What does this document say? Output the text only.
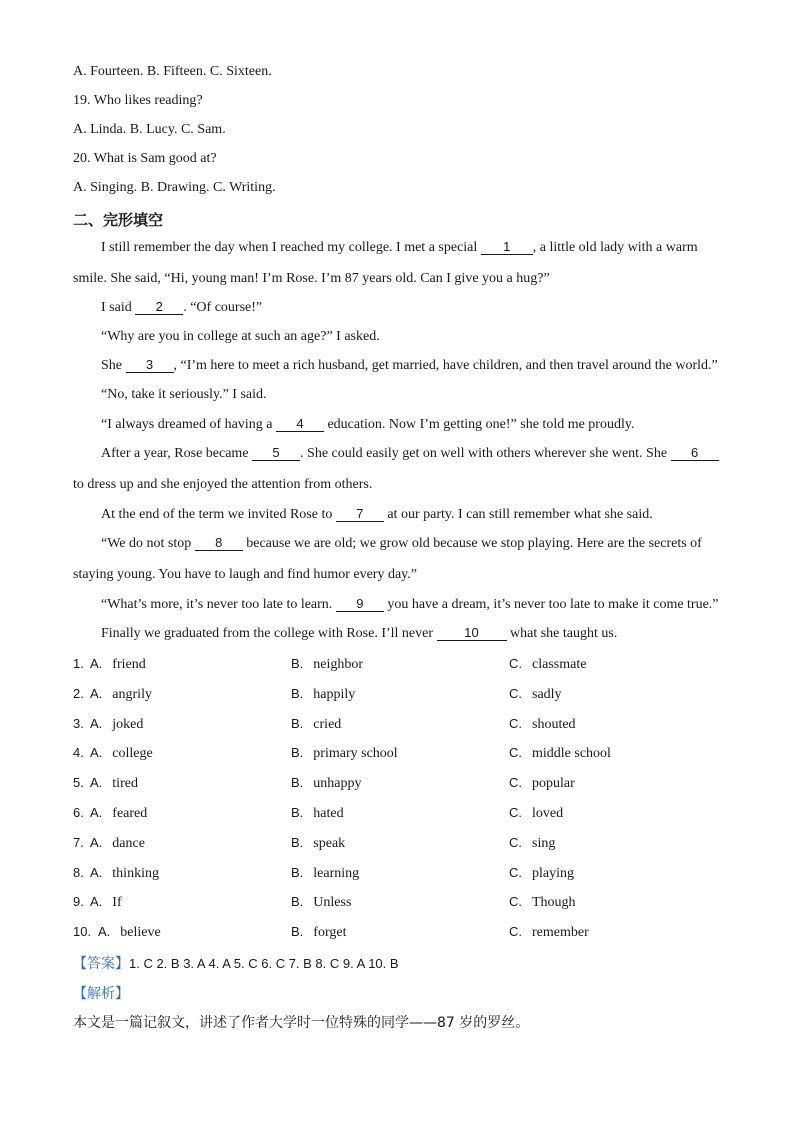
A. Fourteen. B. Fifteen. C. Sixteen.
19. Who likes reading?
A. Linda. B. Lucy. C. Sam.
20. What is Sam good at?
A. Singing. B. Drawing. C. Writing.
二、完形填空
I still remember the day when I reached my college. I met a special 1 , a little old lady with a warm
smile. She said, “Hi, young man! I’m Rose. I’m 87 years old. Can I give you a hug?”
I said 2 . “Of course!”
“Why are you in college at such an age?” I asked.
She 3 , “I’m here to meet a rich husband, get married, have children, and then travel around the world.”
“No, take it seriously.” I said.
“I always dreamed of having a 4 education. Now I’m getting one!” she told me proudly.
After a year, Rose became 5 . She could easily get on well with others wherever she went. She 6
to dress up and she enjoyed the attention from others.
At the end of the term we invited Rose to 7 at our party. I can still remember what she said.
“We do not stop 8 because we are old; we grow old because we stop playing. Here are the secrets of
staying young. You have to laugh and find humor every day.”
“What’s more, it’s never too late to learn. 9 you have a dream, it’s never too late to make it come true.”
Finally we graduated from the college with Rose. I’ll never 10 what she taught us.
1. A. friend	B. neighbor	C. classmate
2. A. angrily	B. happily	C. sadly
3. A. joked	B. cried	C. shouted
4. A. college	B. primary school	C. middle school
5. A. tired	B. unhappy	C. popular
6. A. feared	B. hated	C. loved
7. A. dance	B. speak	C. sing
8. A. thinking	B. learning	C. playing
9. A. If	B. Unless	C. Though
10. A. believe	B. forget	C. remember
【答案】1. C 2. B 3. A 4. A 5. C 6. C 7. B 8. C 9. A 10. B
【解析】
本文是一篇记叙文，讲述了作者大学时一位特殊的同学——87 岁的罗丝。
